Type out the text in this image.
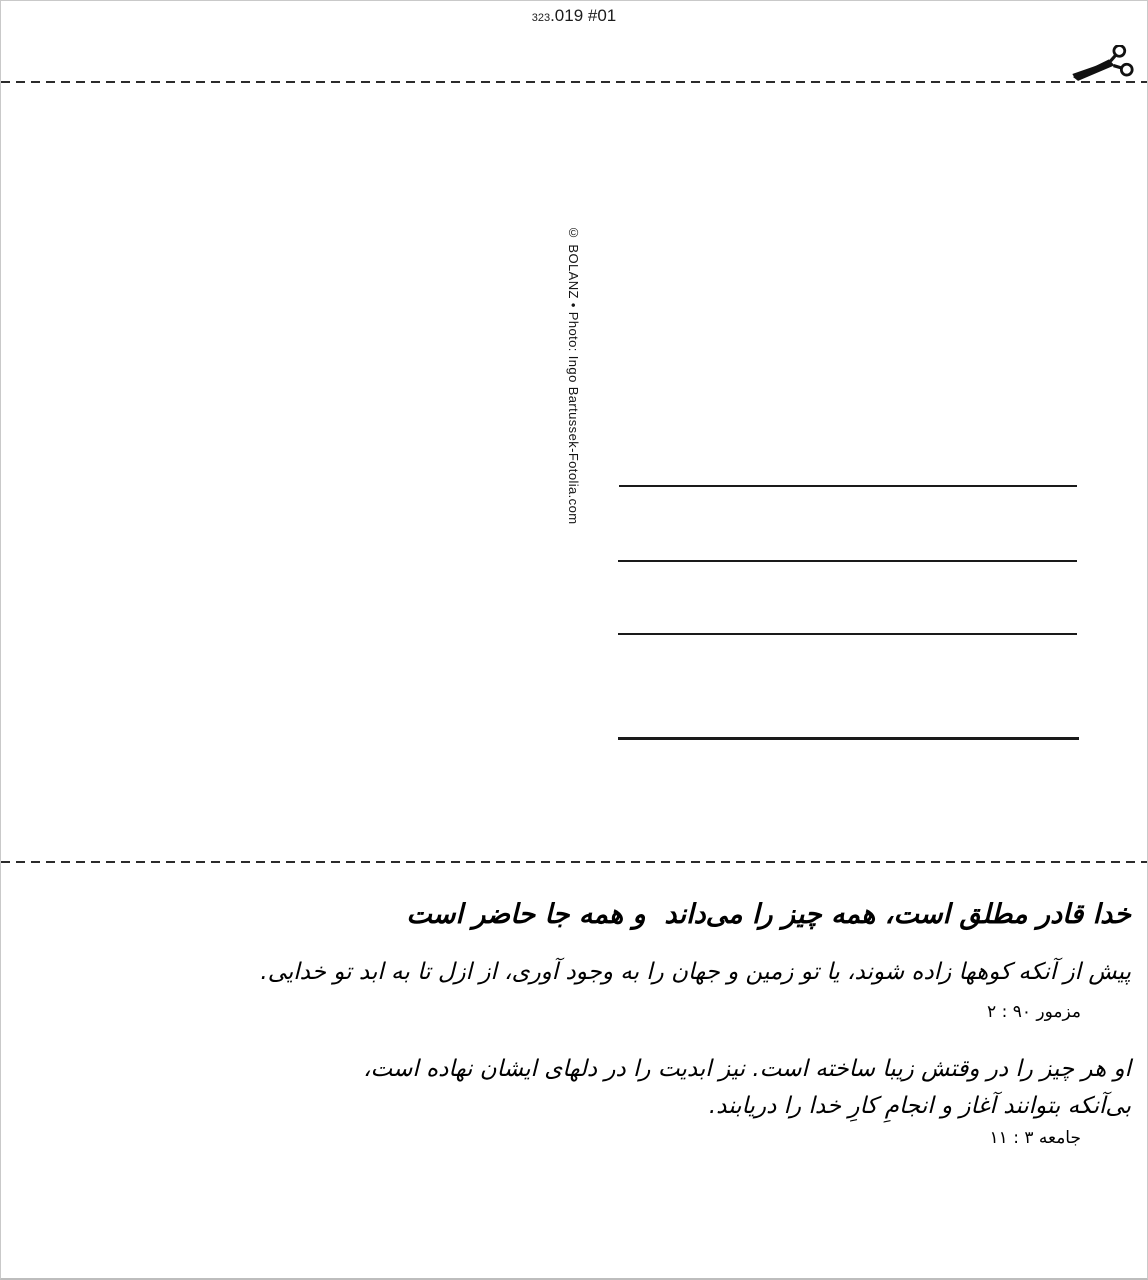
323.019 #01
© BOLANZ • Photo: Ingo Bartussek-Fotolia.com
خدا قادر مطلق است، همه چیز را می‌داند  و همه جا حاضر است
پیش از آنکه کوهها زاده شوند، یا تو زمین و جهان را به وجود آوری، از ازل تا به ابد تو خدایی.
مزمور ۹۰ : ۲
او هر چیز را در وقتش زیبا ساخته است. نیز ابدیت را در دلهای ایشان نهاده است،
بی‌آنکه بتوانند آغاز و انجامِ کارِ خدا را دریابند.
جامعه ۳ : ۱۱
